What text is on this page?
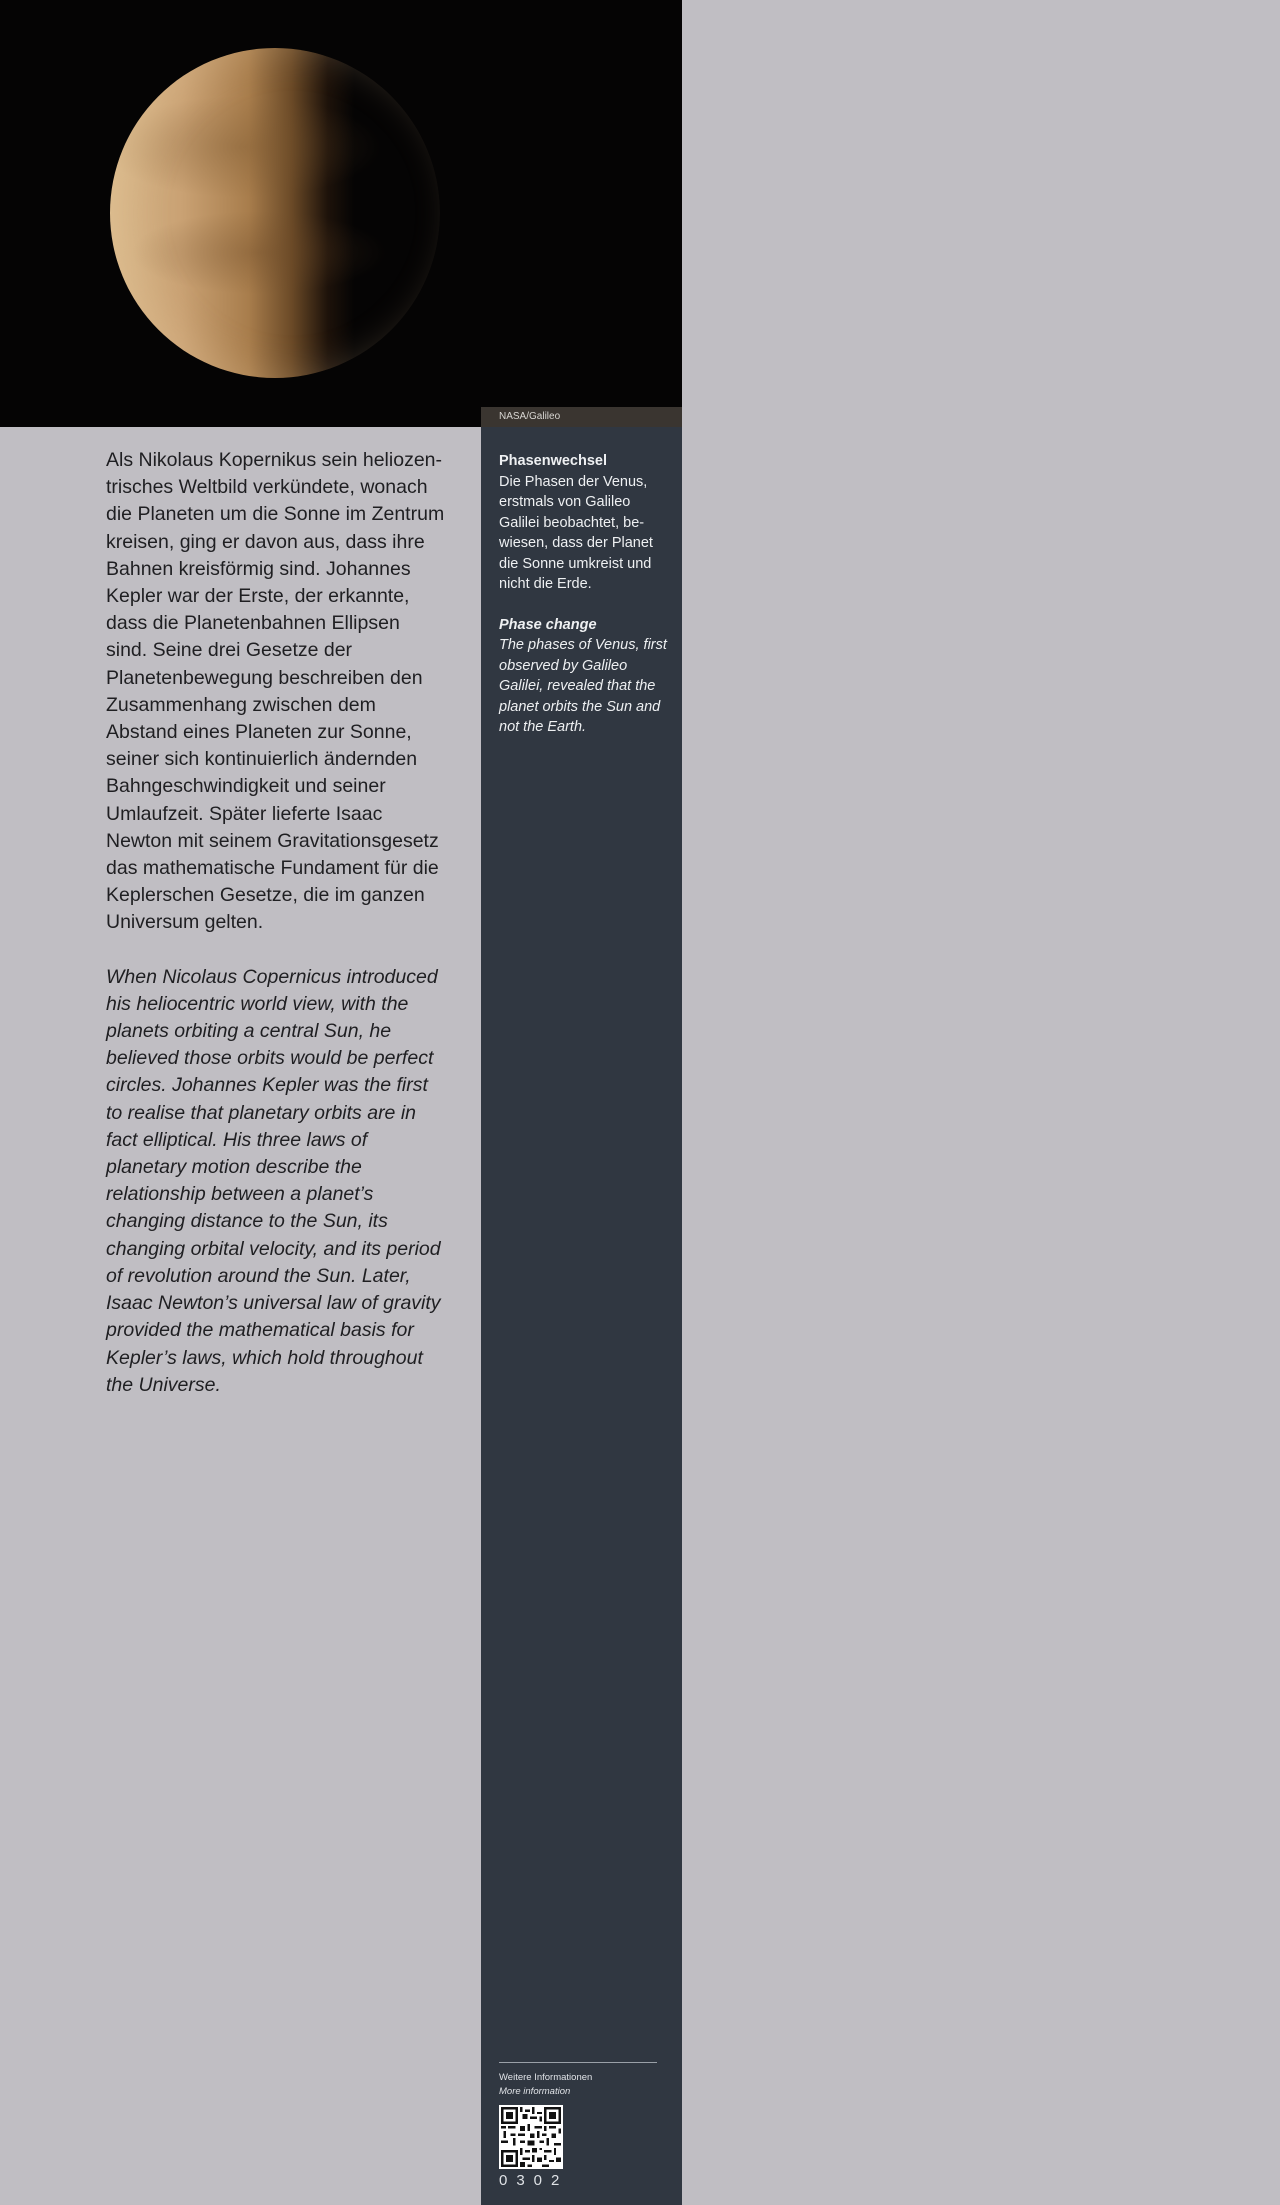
NASA/Galileo

Als Nikolaus Kopernikus sein heliozentrisches Weltbild verkündete, wonach die Planeten um die Sonne im Zentrum kreisen, ging er davon aus, dass ihre Bahnen kreisförmig sind. Johannes Kepler war der Erste, der erkannte, dass die Planetenbahnen Ellipsen sind. Seine drei Gesetze der Planetenbewegung beschreiben den Zusammenhang zwischen dem Abstand eines Planeten zur Sonne, seiner sich kontinuierlich ändernden Bahngeschwindigkeit und seiner Umlaufzeit. Später lieferte Isaac Newton mit seinem Gravitationsgesetz das mathematische Fundament für die Keplerschen Gesetze, die im ganzen Universum gelten.

When Nicolaus Copernicus introduced his heliocentric world view, with the planets orbiting a central Sun, he believed those orbits would be perfect circles. Johannes Kepler was the first to realise that planetary orbits are in fact elliptical. His three laws of planetary motion describe the relationship between a planet’s changing distance to the Sun, its changing orbital velocity, and its period of revolution around the Sun. Later, Isaac Newton’s universal law of gravity provided the mathematical basis for Kepler’s laws, which hold throughout the Universe.

Phasenwechsel

Die Phasen der Venus, erstmals von Galileo Galilei beobachtet, bewiesen, dass der Planet die Sonne umkreist und nicht die Erde.

Phase change

The phases of Venus, first observed by Galileo Galilei, revealed that the planet orbits the Sun and not the Earth.

Weitere Informationen
More information
0302
